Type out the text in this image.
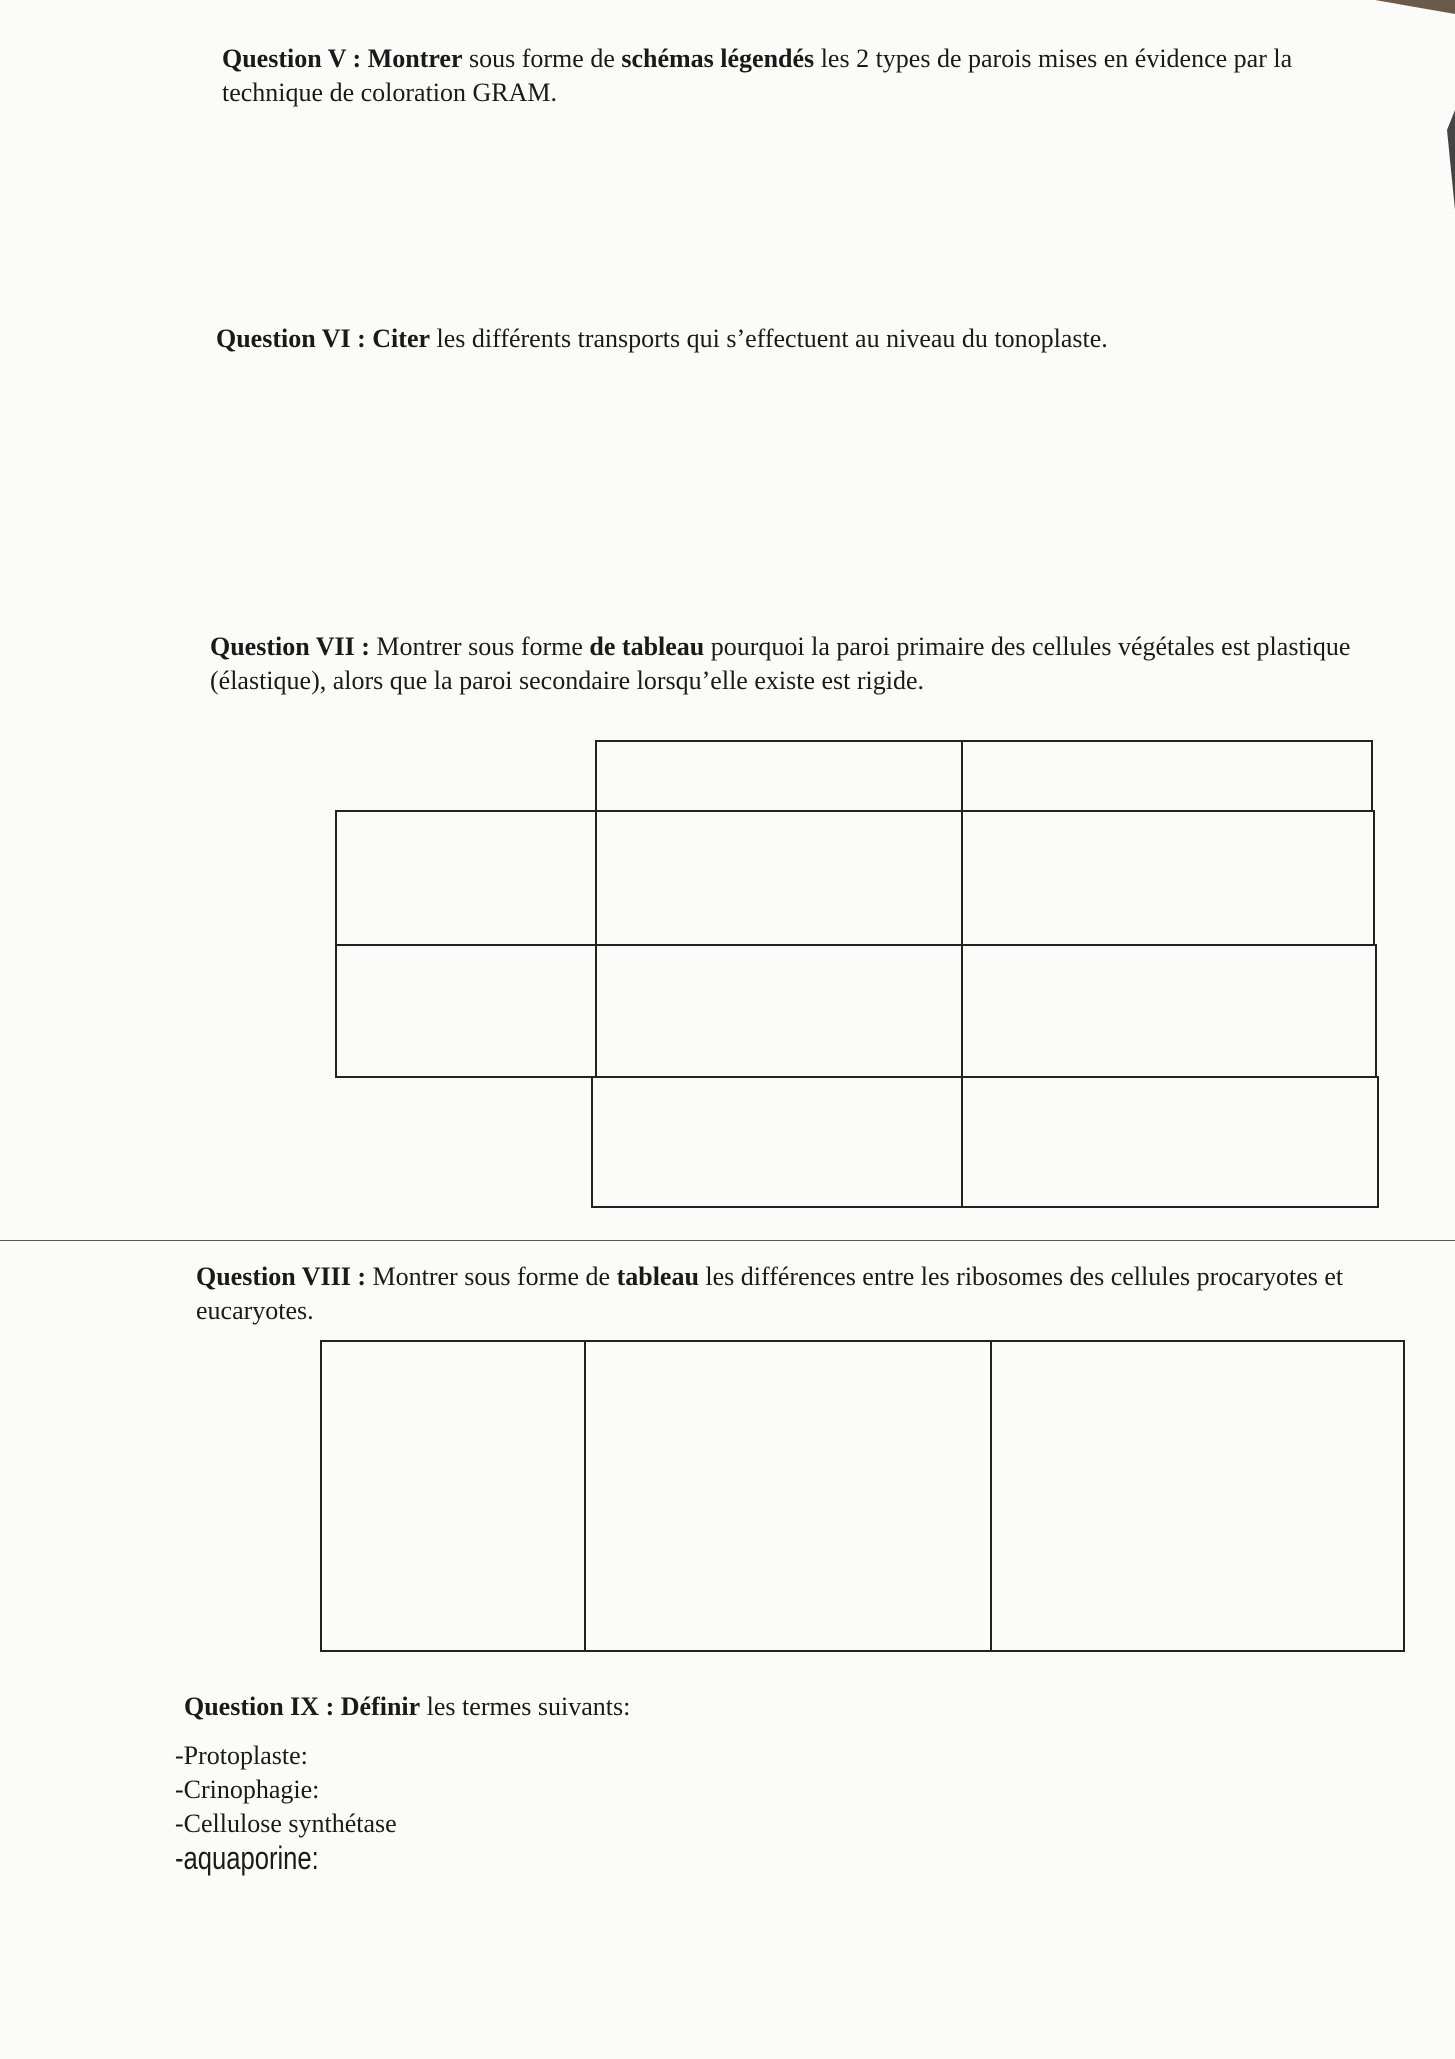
Question V : Montrer sous forme de schémas légendés les 2 types de parois mises en évidence par la technique de coloration GRAM.
Question VI : Citer les différents transports qui s’effectuent au niveau du tonoplaste.
Question VII : Montrer sous forme de tableau pourquoi la paroi primaire des cellules végétales est plastique (élastique), alors que la paroi secondaire lorsqu’elle existe est rigide.
Question VIII : Montrer sous forme de tableau les différences entre les ribosomes des cellules procaryotes et eucaryotes.

Question IX : Définir les termes suivants:
-Protoplaste:
-Crinophagie:
-Cellulose synthétase
-aquaporine:
